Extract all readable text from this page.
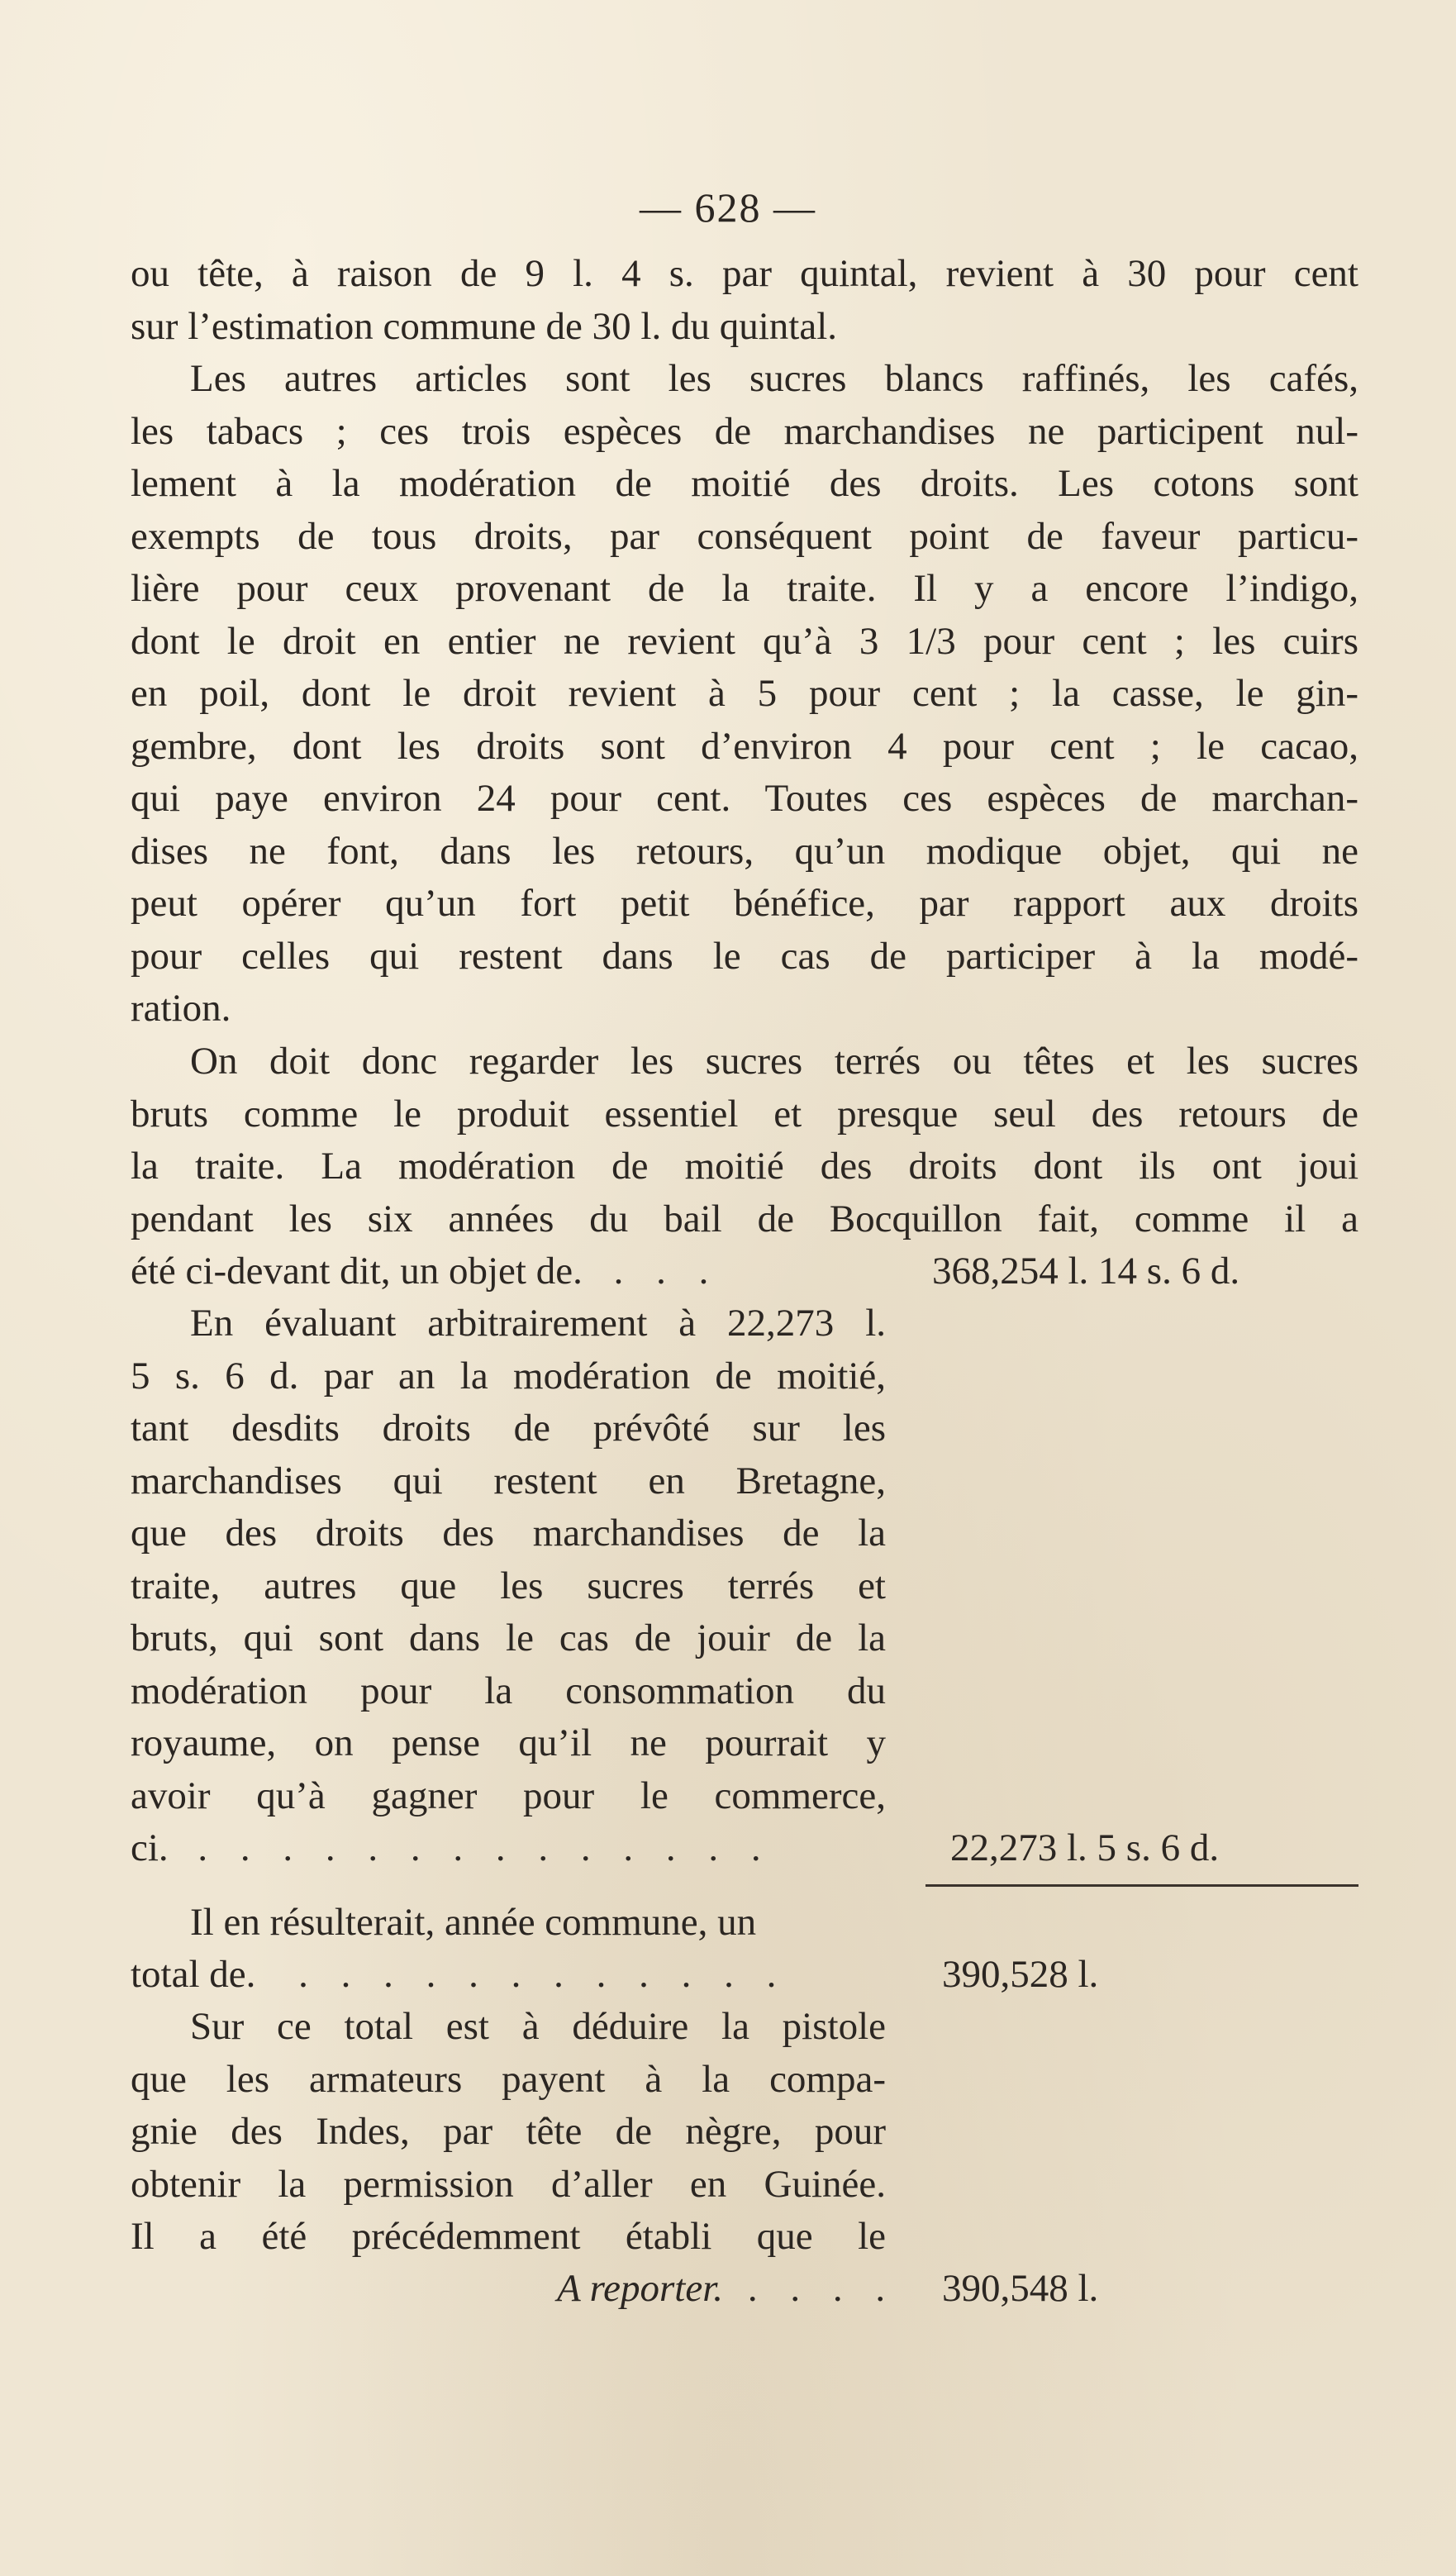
— 628 —
ou tête, à raison de 9 l. 4 s. par quintal, revient à 30 pour cent
sur l’estimation commune de 30 l. du quintal.
Les autres articles sont les sucres blancs raffinés, les cafés,
les tabacs ; ces trois espèces de marchandises ne participent nul-
lement à la modération de moitié des droits. Les cotons sont
exempts de tous droits, par conséquent point de faveur particu-
lière pour ceux provenant de la traite. Il y a encore l’indigo,
dont le droit en entier ne revient qu’à 3 1/3 pour cent ; les cuirs
en poil, dont le droit revient à 5 pour cent ; la casse, le gin-
gembre, dont les droits sont d’environ 4 pour cent ; le cacao,
qui paye environ 24 pour cent. Toutes ces espèces de marchan-
dises ne font, dans les retours, qu’un modique objet, qui ne
peut opérer qu’un fort petit bénéfice, par rapport aux droits
pour celles qui restent dans le cas de participer à la modé-
ration.
On doit donc regarder les sucres terrés ou têtes et les sucres
bruts comme le produit essentiel et presque seul des retours de
la traite. La modération de moitié des droits dont ils ont joui
pendant les six années du bail de Bocquillon fait, comme il a
été ci-devant dit, un objet de. . . .	368,254 l. 14 s. 6 d.
En évaluant arbitrairement à 22,273 l.
5 s. 6 d. par an la modération de moitié,
tant desdits droits de prévôté sur les
marchandises qui restent en Bretagne,
que des droits des marchandises de la
traite, autres que les sucres terrés et
bruts, qui sont dans le cas de jouir de la
modération pour la consommation du
royaume, on pense qu’il ne pourrait y
avoir qu’à gagner pour le commerce,
ci. . . . . . . . . . . . . . .	22,273 l. 5 s. 6 d.
Il en résulterait, année commune, un
total de. . . . . . . . . . . . .	390,528 l.
Sur ce total est à déduire la pistole
que les armateurs payent à la compa-
gnie des Indes, par tête de nègre, pour
obtenir la permission d’aller en Guinée.
Il a été précédemment établi que le
A reporter. . . . . 390,548 l.
